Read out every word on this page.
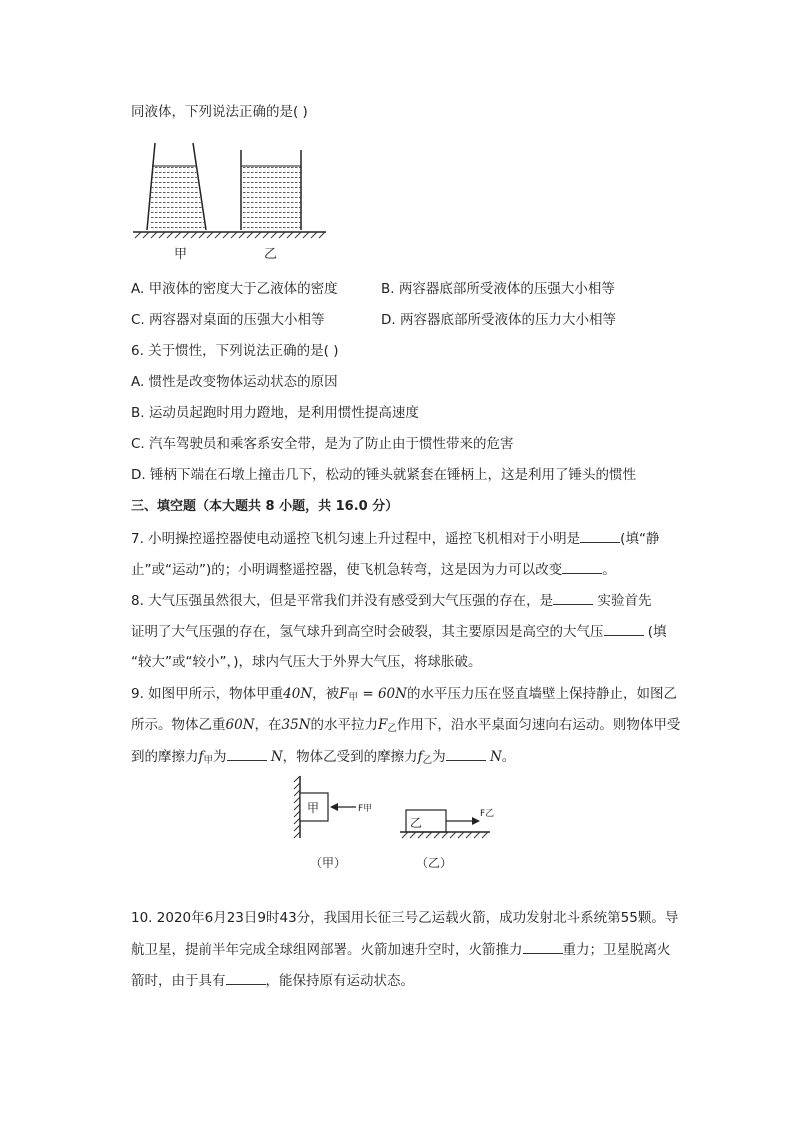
同液体，下列说法正确的是( )
甲	乙
A. 甲液体的密度大于乙液体的密度	B. 两容器底部所受液体的压强大小相等
C. 两容器对桌面的压强大小相等	D. 两容器底部所受液体的压力大小相等
6. 关于惯性，下列说法正确的是( )
A. 惯性是改变物体运动状态的原因
B. 运动员起跑时用力蹬地，是利用惯性提高速度
C. 汽车驾驶员和乘客系安全带，是为了防止由于惯性带来的危害
D. 锤柄下端在石墩上撞击几下，松动的锤头就紧套在锤柄上，这是利用了锤头的惯性
三、填空题（本大题共 8 小题，共 16.0 分）
7. 小明操控遥控器使电动遥控飞机匀速上升过程中，遥控飞机相对于小明是	(填“静
止”或“运动”)的；小明调整遥控器，使飞机急转弯，这是因为力可以改变	。
8. 大气压强虽然很大，但是平常我们并没有感受到大气压强的存在，是	实验首先
证明了大气压强的存在，氢气球升到高空时会破裂，其主要原因是高空的大气压	(填
“较大”或“较小”，)，球内气压大于外界大气压，将球胀破。
9. 如图甲所示，物体甲重40N，被$F_甲 = 60N$的水平压力压在竖直墙壁上保持静止，如图乙
所示。物体乙重60N，在35N的水平拉力$F_乙$作用下，沿水平桌面匀速向右运动。则物体甲受
到的摩擦力$f_甲$为	N，物体乙受到的摩擦力$f_乙$为	N。
甲	F甲
乙
F乙
（甲）	（乙）
10. 2020年6月23日9时43分，我国用长征三号乙运载火箭，成功发射北斗系统第55颗。导
航卫星，提前半年完成全球组网部署。火箭加速升空时，火箭推力	重力；卫星脱离火
箭时，由于具有	，能保持原有运动状态。
